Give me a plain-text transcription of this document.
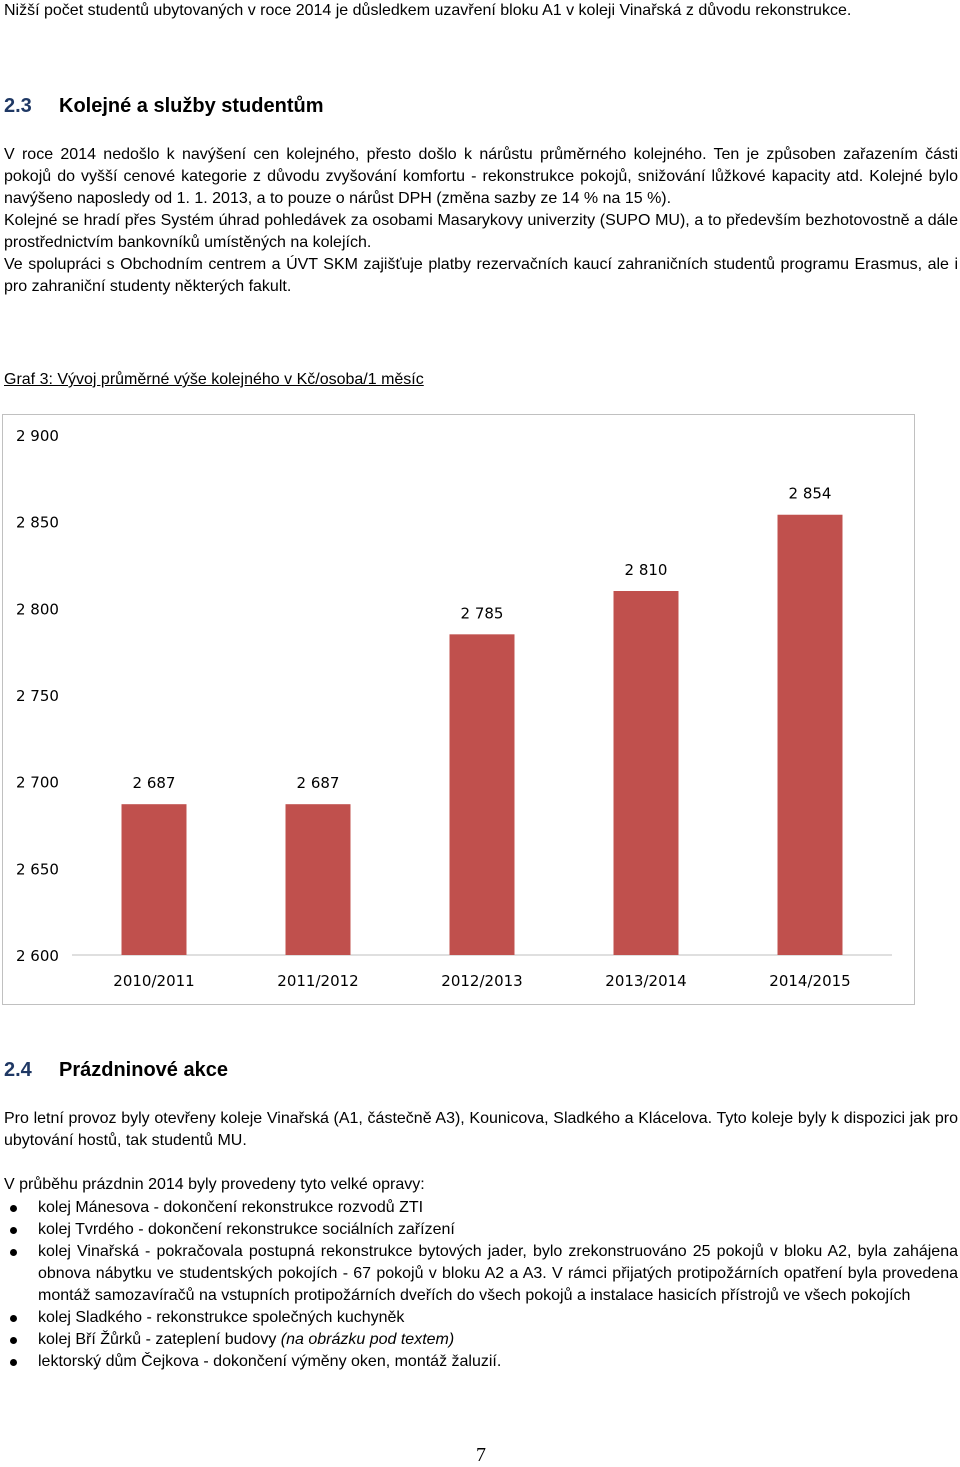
Nižší počet studentů ubytovaných v roce 2014 je důsledkem uzavření bloku A1 v koleji Vinařská z důvodu rekonstrukce.

2.3 Kolejné a služby studentům

V roce 2014 nedošlo k navýšení cen kolejného, přesto došlo k nárůstu průměrného kolejného. Ten je způsoben zařazením části pokojů do vyšší cenové kategorie z důvodu zvyšování komfortu - rekonstrukce pokojů, snižování lůžkové kapacity atd. Kolejné bylo navýšeno naposledy od 1. 1. 2013, a to pouze o nárůst DPH (změna sazby ze 14 % na 15 %).

Kolejné se hradí přes Systém úhrad pohledávek za osobami Masarykovy univerzity (SUPO MU), a to především bezhotovostně a dále prostřednictvím bankovníků umístěných na kolejích.

Ve spolupráci s Obchodním centrem a ÚVT SKM zajišťuje platby rezervačních kaucí zahraničních studentů programu Erasmus, ale i pro zahraniční studenty některých fakult.

Graf 3: Vývoj průměrné výše kolejného v Kč/osoba/1 měsíc
2 600
2 650
2 700
2 750
2 800
2 850
2 900
2 687	2 687
2 785
2 810
2 854
2010/2011	2011/2012	2012/2013	2013/2014	2014/2015
2.4 Prázdninové akce

Pro letní provoz byly otevřeny koleje Vinařská (A1, částečně A3), Kounicova, Sladkého a Klácelova. Tyto koleje byly k dispozici jak pro ubytování hostů, tak studentů MU.

V průběhu prázdnin 2014 byly provedeny tyto velké opravy:

kolej Mánesova - dokončení rekonstrukce rozvodů ZTI
kolej Tvrdého - dokončení rekonstrukce sociálních zařízení
kolej Vinařská - pokračovala postupná rekonstrukce bytových jader, bylo zrekonstruováno 25 pokojů v bloku A2, byla zahájena obnova nábytku ve studentských pokojích - 67 pokojů v bloku A2 a A3. V rámci přijatých protipožárních opatření byla provedena montáž samozavíračů na vstupních protipožárních dveřích do všech pokojů a instalace hasicích přístrojů ve všech pokojích
kolej Sladkého - rekonstrukce společných kuchyněk
kolej Bří Žůrků - zateplení budovy (na obrázku pod textem)
lektorský dům Čejkova - dokončení výměny oken, montáž žaluzií.
7
